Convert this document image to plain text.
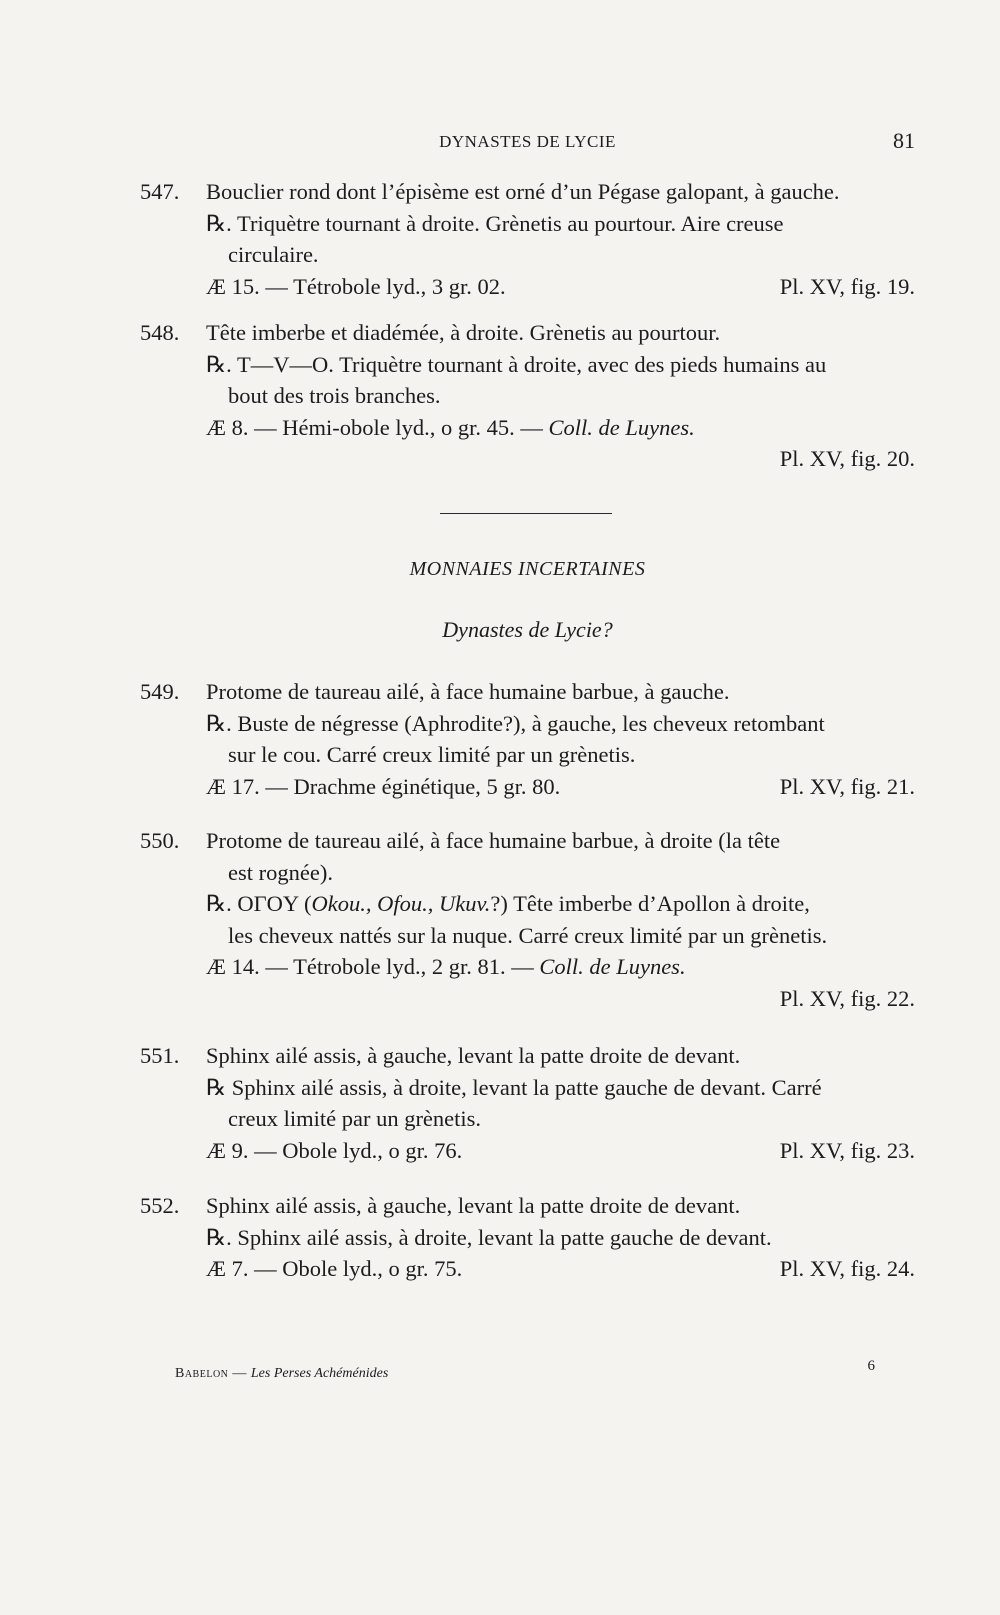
DYNASTES DE LYCIE	81
547.	Bouclier rond dont l’épisème est orné d’un Pégase galopant, à gauche.
℞. Triquètre tournant à droite. Grènetis au pourtour. Aire creuse
circulaire.
Æ 15. — Tétrobole lyd., 3 gr. 02.	Pl. XV, fig. 19.
548.	Tête imberbe et diadémée, à droite. Grènetis au pourtour.
℞. T—V—O. Triquètre tournant à droite, avec des pieds humains au
bout des trois branches.
Æ 8. — Hémi-obole lyd., o gr. 45. — Coll. de Luynes.
Pl. XV, fig. 20.
MONNAIES INCERTAINES
Dynastes de Lycie?
549.	Protome de taureau ailé, à face humaine barbue, à gauche.
℞. Buste de négresse (Aphrodite?), à gauche, les cheveux retombant
sur le cou. Carré creux limité par un grènetis.
Æ 17. — Drachme éginétique, 5 gr. 80.	Pl. XV, fig. 21.
550.	Protome de taureau ailé, à face humaine barbue, à droite (la tête
est rognée).
℞. OΓOY (Okou., Ofou., Ukuv.?) Tête imberbe d’Apollon à droite,
les cheveux nattés sur la nuque. Carré creux limité par un grènetis.
Æ 14. — Tétrobole lyd., 2 gr. 81. — Coll. de Luynes.
Pl. XV, fig. 22.
551.	Sphinx ailé assis, à gauche, levant la patte droite de devant.
℞ Sphinx ailé assis, à droite, levant la patte gauche de devant. Carré
creux limité par un grènetis.
Æ 9. — Obole lyd., o gr. 76.	Pl. XV, fig. 23.
552.	Sphinx ailé assis, à gauche, levant la patte droite de devant.
℞. Sphinx ailé assis, à droite, levant la patte gauche de devant.
Æ 7. — Obole lyd., o gr. 75.	Pl. XV, fig. 24.
Babelon — Les Perses Achéménides	6
